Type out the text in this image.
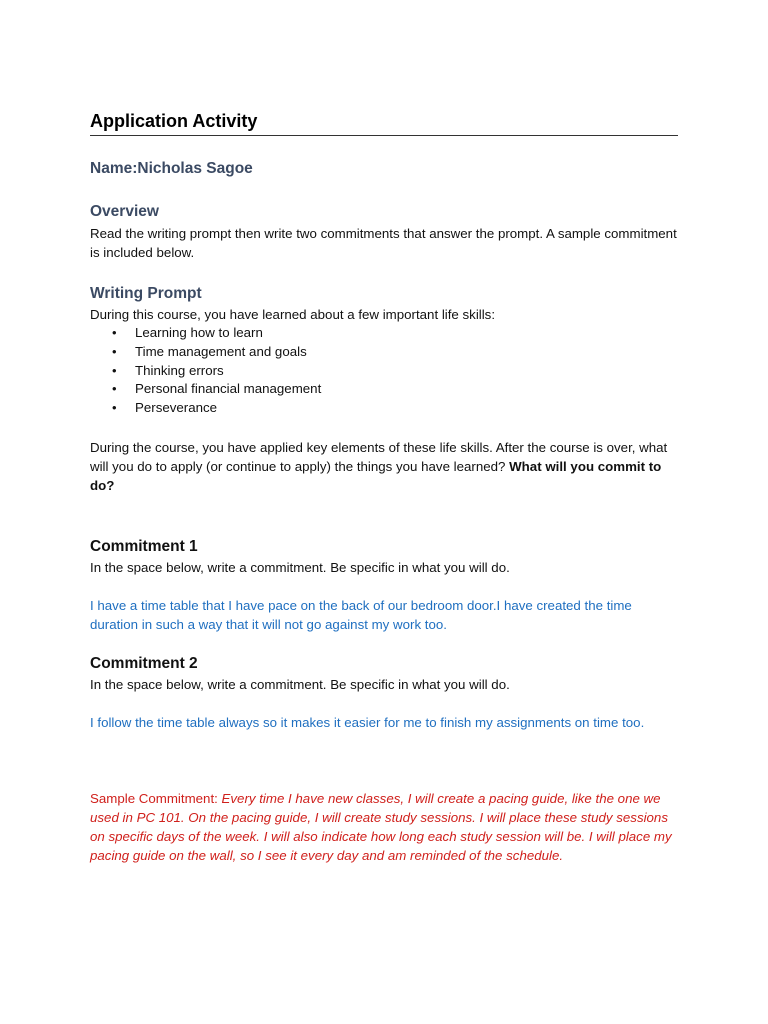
Application Activity
Name:Nicholas Sagoe
Overview
Read the writing prompt then write two commitments that answer the prompt. A sample commitment is included below.
Writing Prompt
During this course, you have learned about a few important life skills:
• Learning how to learn
• Time management and goals
• Thinking errors
• Personal financial management
• Perseverance
During the course, you have applied key elements of these life skills. After the course is over, what will you do to apply (or continue to apply) the things you have learned? What will you commit to do?
Commitment 1
In the space below, write a commitment. Be specific in what you will do.
I have a time table that I have pace on the back of our bedroom door.I have created the time duration in such a way that it will not go against my work too.
Commitment 2
In the space below, write a commitment. Be specific in what you will do.
I follow the time table always so it makes it easier for me to finish my assignments on time too.
Sample Commitment: Every time I have new classes, I will create a pacing guide, like the one we used in PC 101. On the pacing guide, I will create study sessions. I will place these study sessions on specific days of the week. I will also indicate how long each study session will be. I will place my pacing guide on the wall, so I see it every day and am reminded of the schedule.
